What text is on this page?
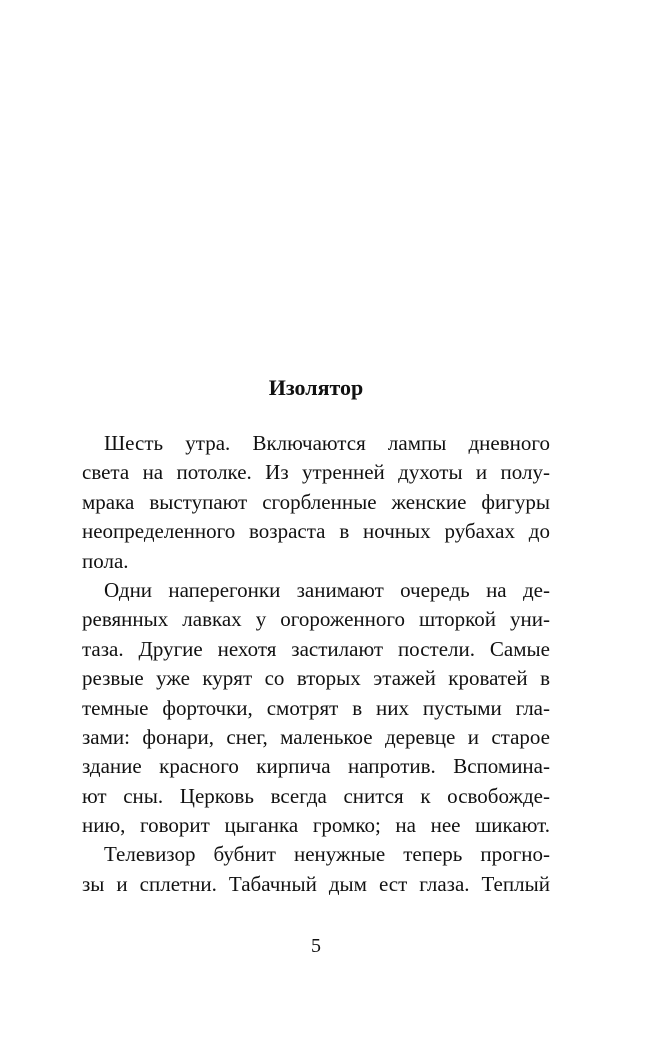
Изолятор
Шесть утра. Включаются лампы дневного
света на потолке. Из утренней духоты и полу-
мрака выступают сгорбленные женские фигуры
неопределенного возраста в ночных рубахах до
пола.
Одни наперегонки занимают очередь на де-
ревянных лавках у огороженного шторкой уни-
таза. Другие нехотя застилают постели. Самые
резвые уже курят со вторых этажей кроватей в
темные форточки, смотрят в них пустыми гла-
зами: фонари, снег, маленькое деревце и старое
здание красного кирпича напротив. Вспомина-
ют сны. Церковь всегда снится к освобожде-
нию, говорит цыганка громко; на нее шикают.
Телевизор бубнит ненужные теперь прогно-
зы и сплетни. Табачный дым ест глаза. Теплый
5
